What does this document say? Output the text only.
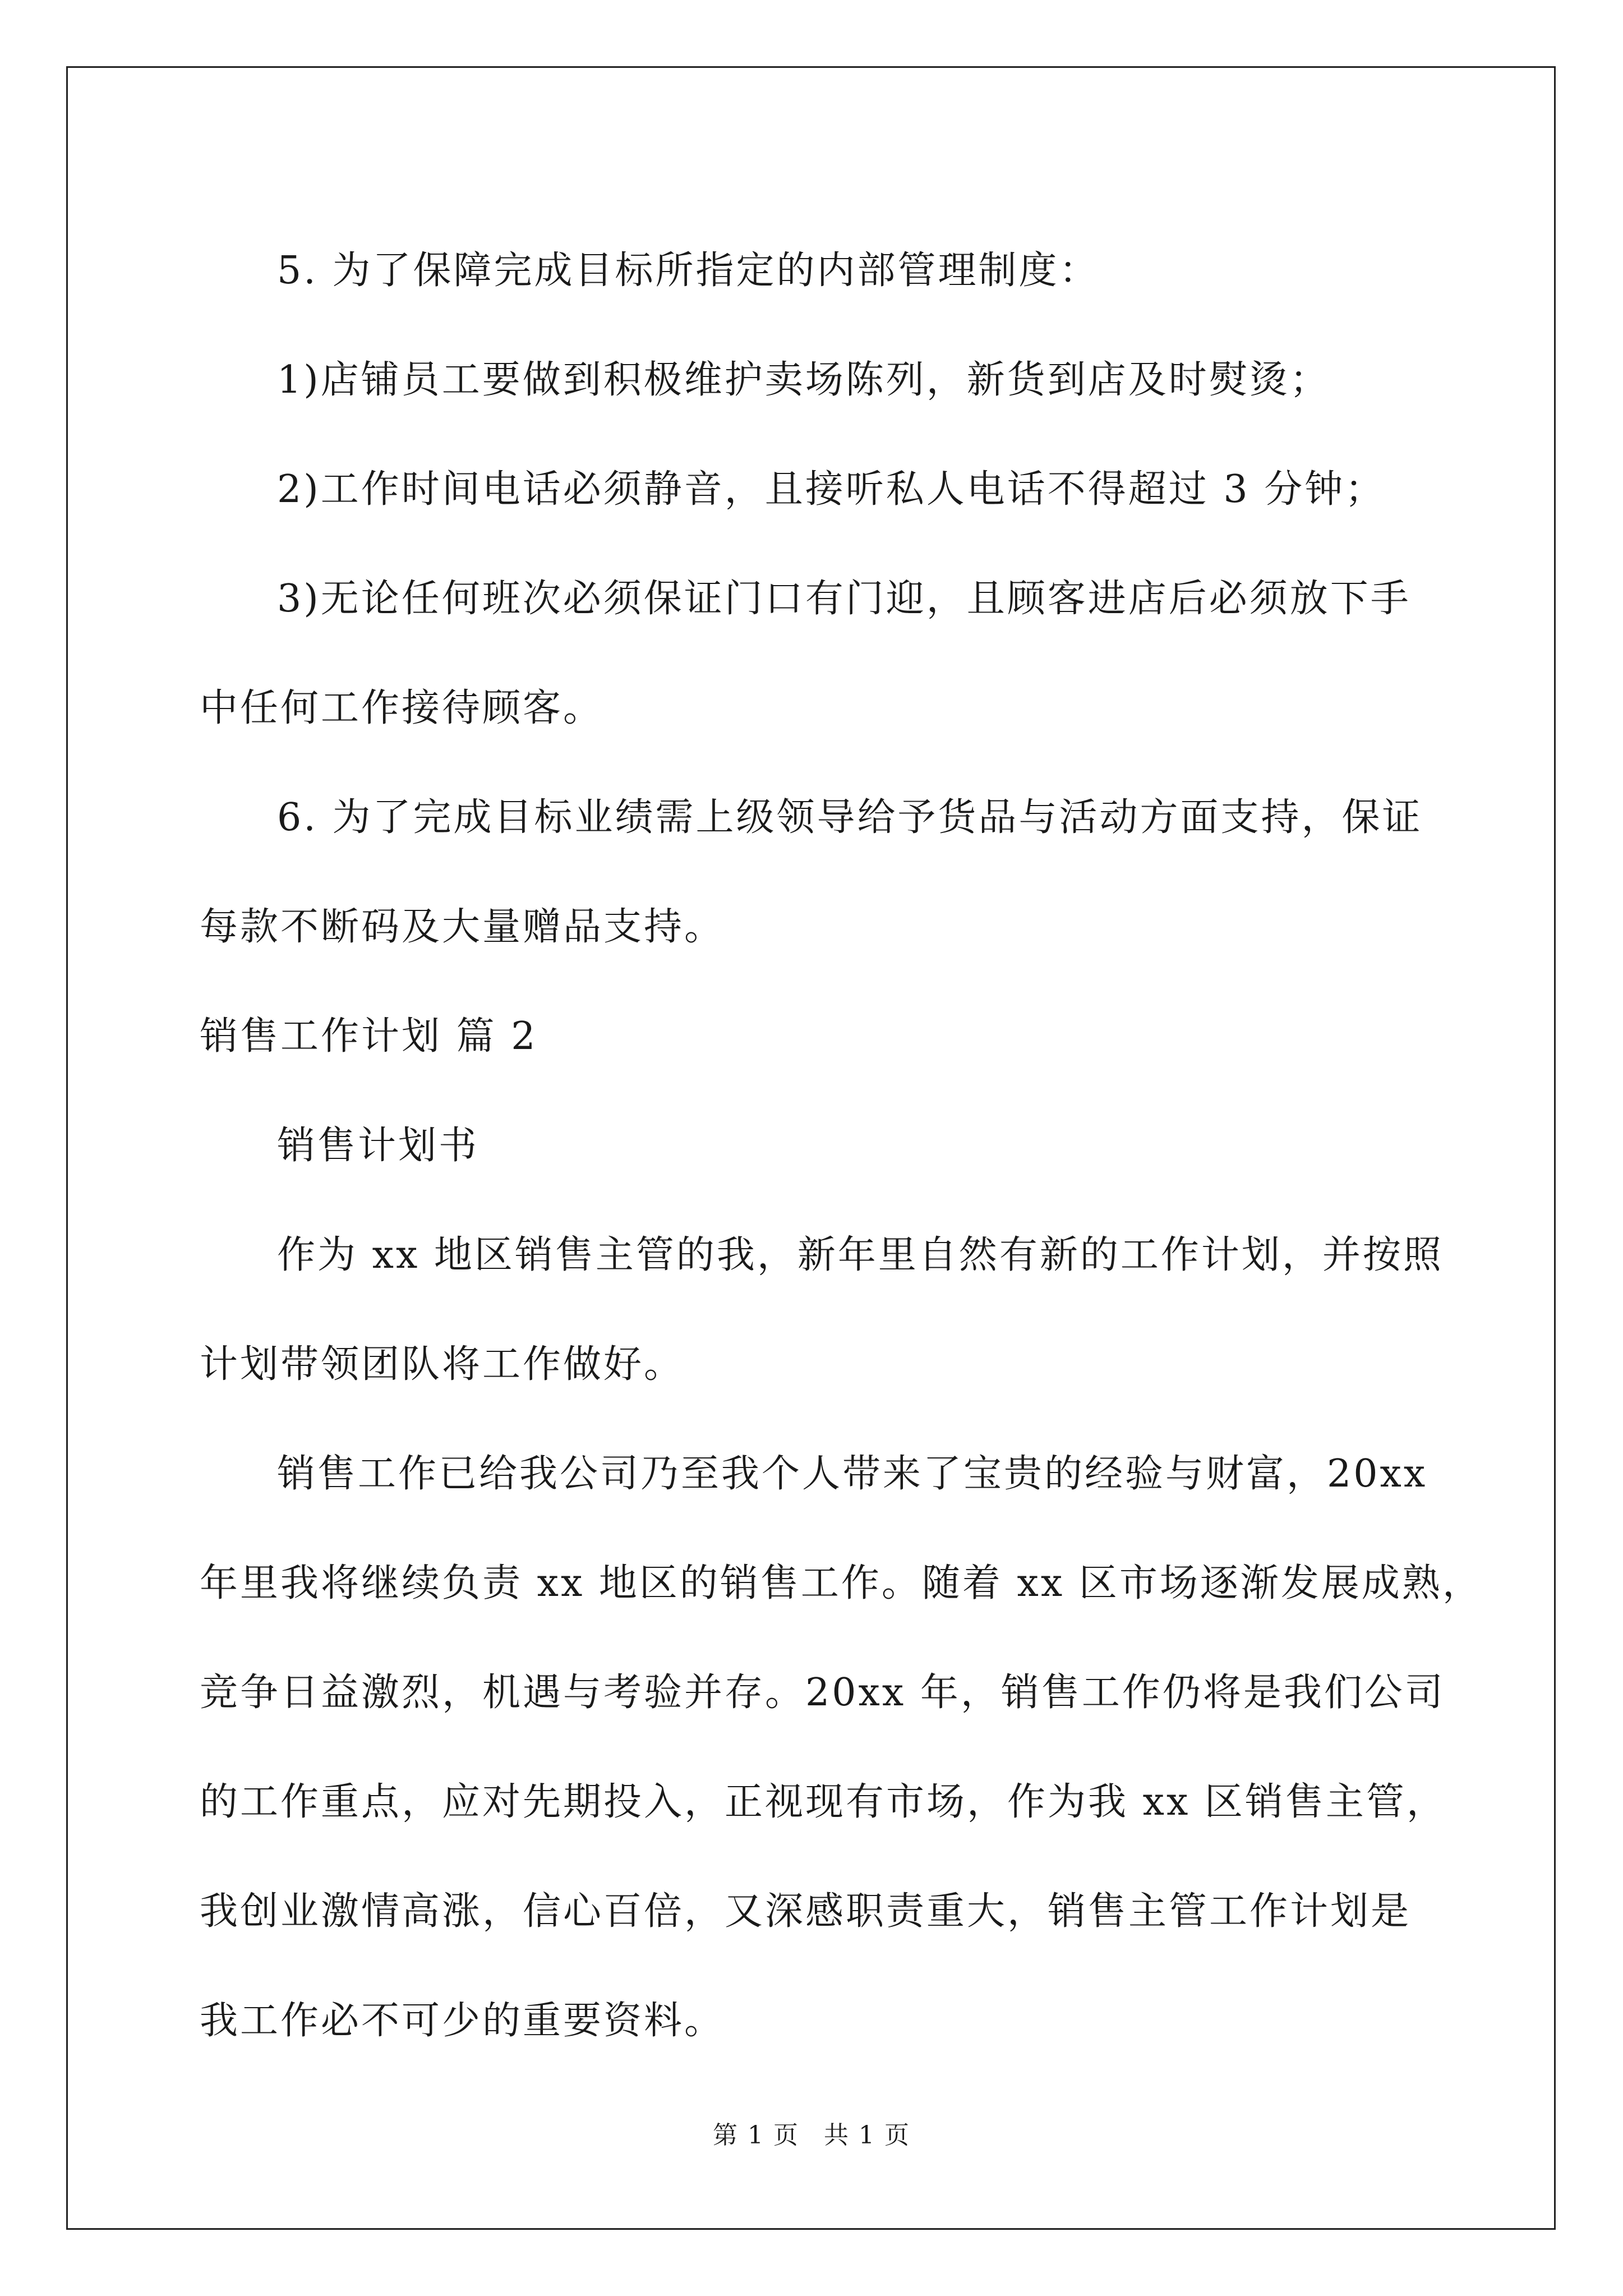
5. 为了保障完成目标所指定的内部管理制度：

1)店铺员工要做到积极维护卖场陈列，新货到店及时熨烫；

2)工作时间电话必须静音，且接听私人电话不得超过 3 分钟；

3)无论任何班次必须保证门口有门迎，且顾客进店后必须放下手

中任何工作接待顾客。

6. 为了完成目标业绩需上级领导给予货品与活动方面支持，保证

每款不断码及大量赠品支持。

销售工作计划 篇 2

销售计划书

作为 xx 地区销售主管的我，新年里自然有新的工作计划，并按照

计划带领团队将工作做好。

销售工作已给我公司乃至我个人带来了宝贵的经验与财富，20xx

年里我将继续负责 xx 地区的销售工作。随着 xx 区市场逐渐发展成熟，

竞争日益激烈，机遇与考验并存。20xx 年，销售工作仍将是我们公司

的工作重点，应对先期投入，正视现有市场，作为我 xx 区销售主管，

我创业激情高涨，信心百倍，又深感职责重大，销售主管工作计划是

我工作必不可少的重要资料。

第 1 页 共 1 页
